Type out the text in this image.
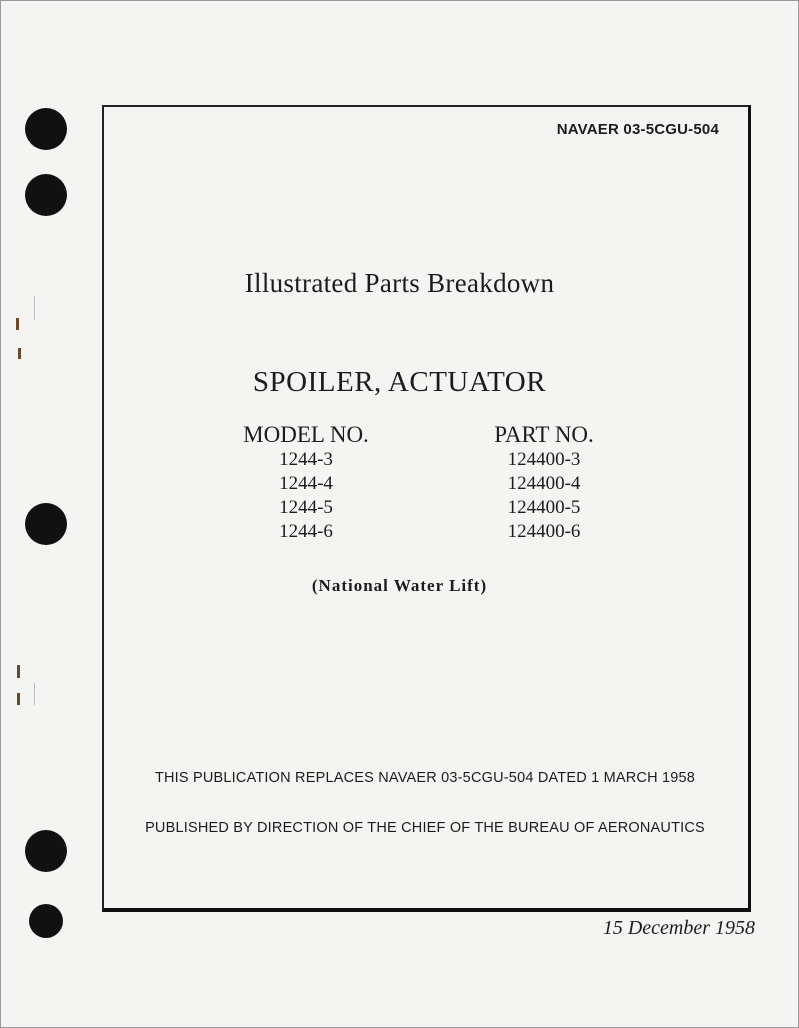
NAVAER 03-5CGU-504
Illustrated Parts Breakdown
SPOILER, ACTUATOR
MODEL NO.
1244-3
1244-4
1244-5
1244-6
PART NO.
124400-3
124400-4
124400-5
124400-6
(National Water Lift)
THIS PUBLICATION REPLACES NAVAER 03-5CGU-504 DATED 1 MARCH 1958
PUBLISHED BY DIRECTION OF THE CHIEF OF THE BUREAU OF AERONAUTICS
15 December 1958
